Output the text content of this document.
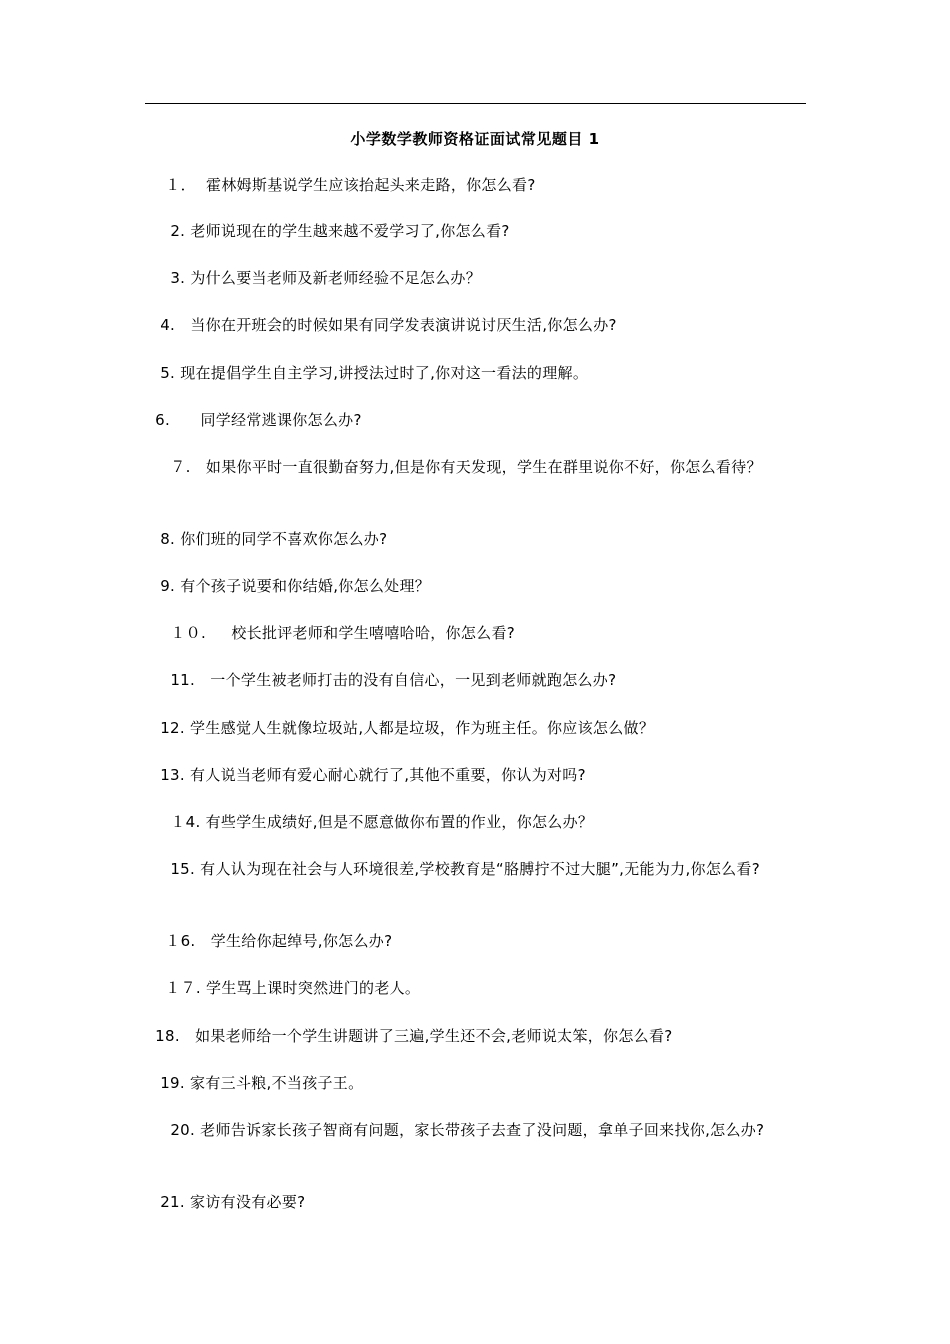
小学数学教师资格证面试常见题目 1
１．  霍林姆斯基说学生应该抬起头来走路，你怎么看?
2. 老师说现在的学生越来越不爱学习了,你怎么看?
3. 为什么要当老师及新老师经验不足怎么办？
4.   当你在开班会的时候如果有同学发表演讲说讨厌生活,你怎么办?
5. 现在提倡学生自主学习,讲授法过时了,你对这一看法的理解。
6.      同学经常逃课你怎么办?
７.   如果你平时一直很勤奋努力,但是你有天发现，学生在群里说你不好，你怎么看待？
8. 你们班的同学不喜欢你怎么办?
9. 有个孩子说要和你结婚,你怎么处理？
１０.     校长批评老师和学生嘻嘻哈哈，你怎么看?
11.   一个学生被老师打击的没有自信心，一见到老师就跑怎么办?
12. 学生感觉人生就像垃圾站,人都是垃圾，作为班主任。你应该怎么做？
13. 有人说当老师有爱心耐心就行了,其他不重要，你认为对吗?
１4. 有些学生成绩好,但是不愿意做你布置的作业，你怎么办？
15. 有人认为现在社会与人环境很差,学校教育是“胳膊拧不过大腿”,无能为力,你怎么看?
１6.   学生给你起绰号,你怎么办?
１７. 学生骂上课时突然进门的老人。
18.   如果老师给一个学生讲题讲了三遍,学生还不会,老师说太笨，你怎么看?
19. 家有三斗粮,不当孩子王。
20. 老师告诉家长孩子智商有问题，家长带孩子去查了没问题，拿单子回来找你,怎么办?
21. 家访有没有必要?
